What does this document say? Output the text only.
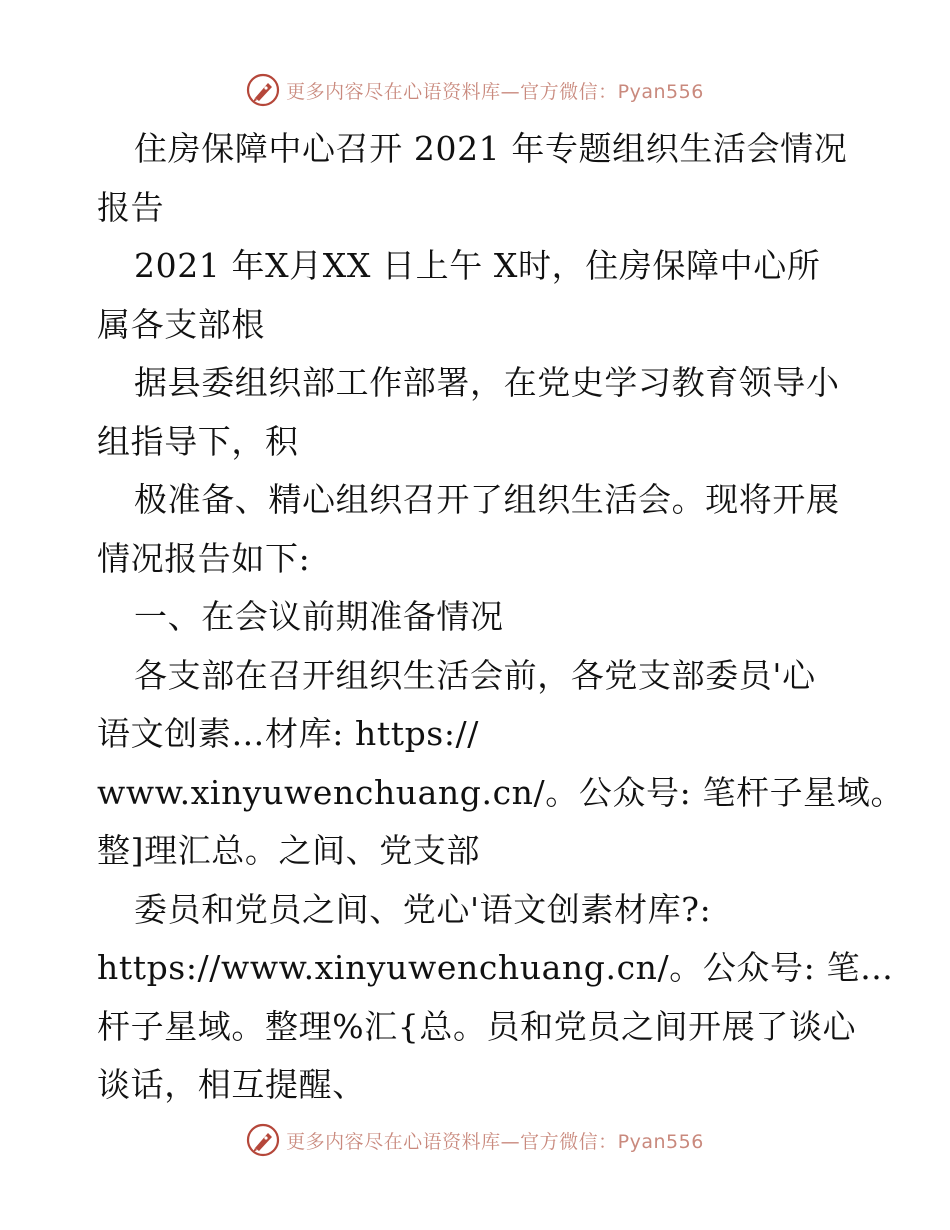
更多内容尽在心语资料库—官方微信：Pyan556
住房保障中心召开 2021 年专题组织生活会情况
报告
2021 年X月XX 日上午 X时，住房保障中心所
属各支部根
据县委组织部工作部署，在党史学习教育领导小
组指导下，积
极准备、精心组织召开了组织生活会。现将开展
情况报告如下:
一、在会议前期准备情况
各支部在召开组织生活会前，各党支部委员'心
语文创素…材库: https://
www.xinyuwenchuang.cn/。公众号: 笔杆子星域。
整]理汇总。之间、党支部
委员和党员之间、党心'语文创素材库?:
https://www.xinyuwenchuang.cn/。公众号: 笔…
杆子星域。整理%汇{总。员和党员之间开展了谈心
谈话，相互提醒、
更多内容尽在心语资料库—官方微信：Pyan556
